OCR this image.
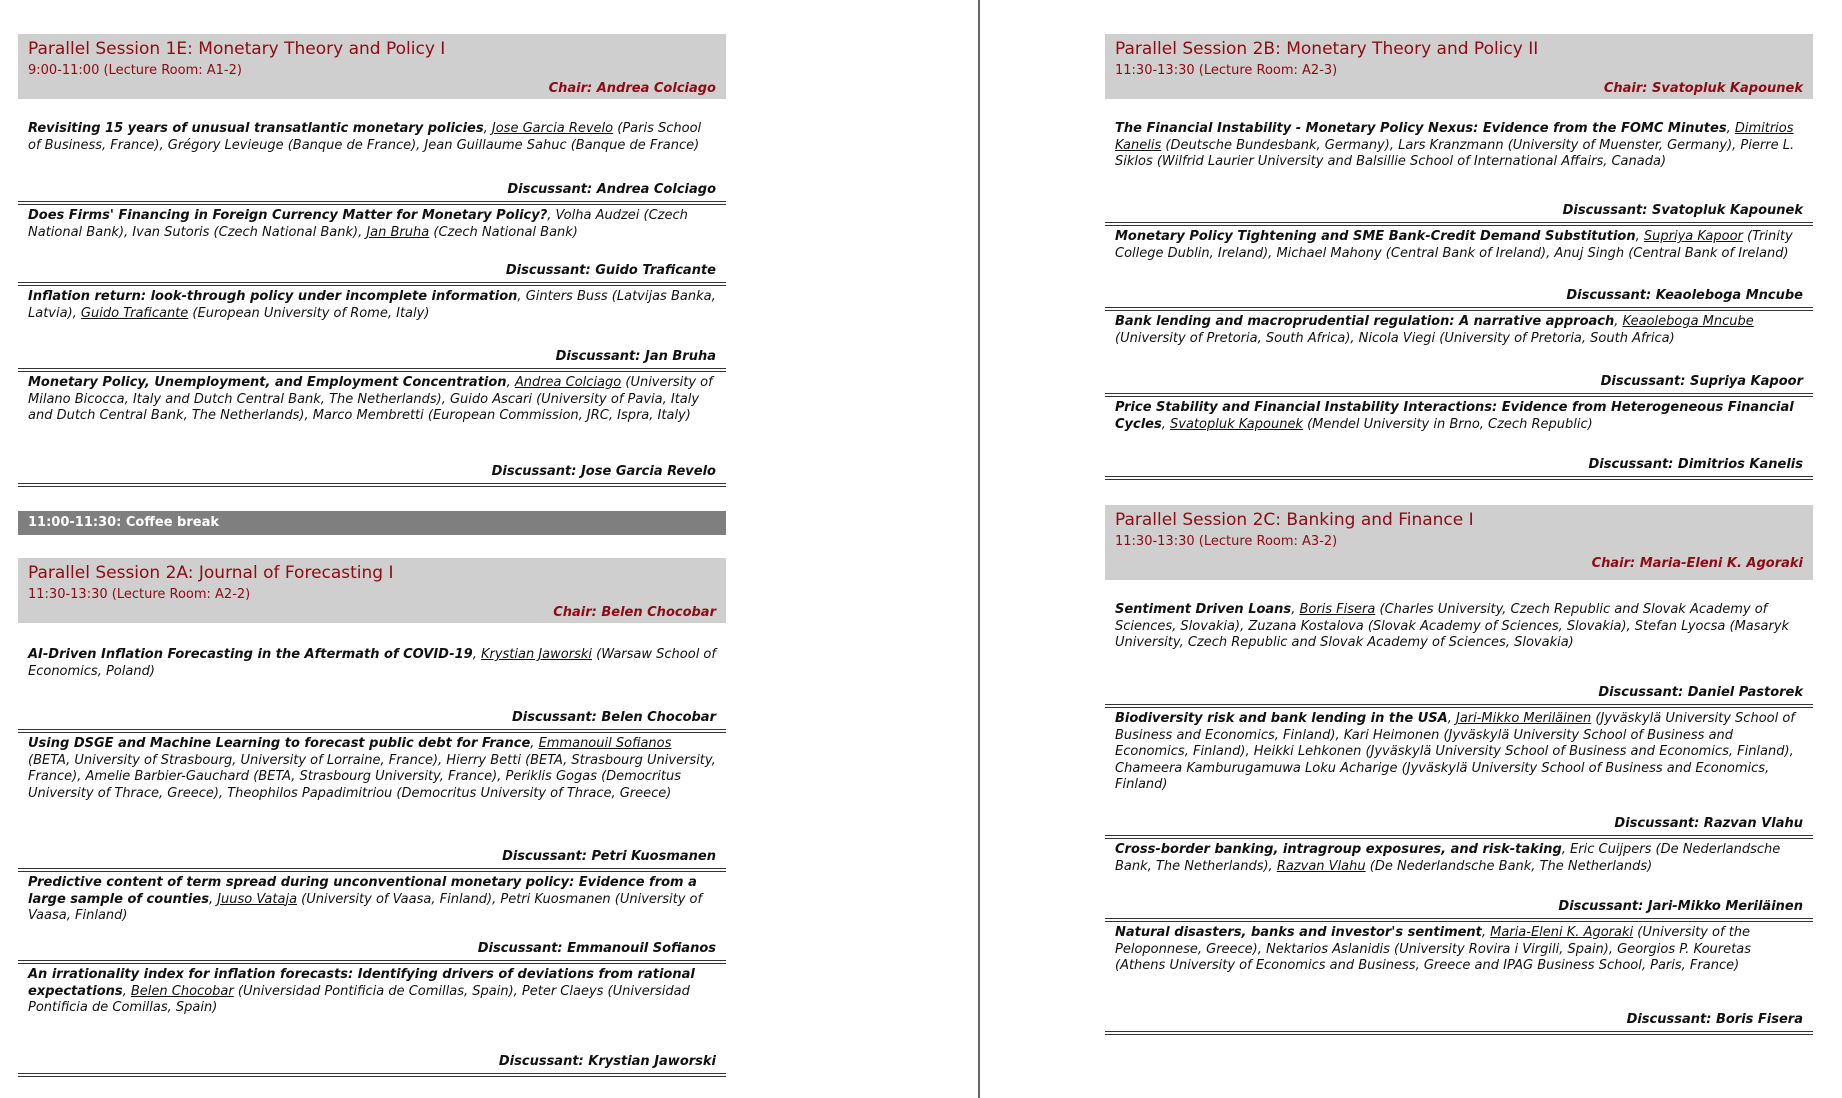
Parallel Session 1E: Monetary Theory and Policy I
9:00-11:00 (Lecture Room: A1-2)
Chair: Andrea Colciago
Revisiting 15 years of unusual transatlantic monetary policies, Jose Garcia Revelo (Paris School of Business, France), Grégory Levieuge (Banque de France), Jean Guillaume Sahuc (Banque de France)
Discussant: Andrea Colciago
Does Firms' Financing in Foreign Currency Matter for Monetary Policy?, Volha Audzei (Czech National Bank), Ivan Sutoris (Czech National Bank), Jan Bruha (Czech National Bank)
Discussant: Guido Traficante
Inflation return: look-through policy under incomplete information, Ginters Buss (Latvijas Banka, Latvia), Guido Traficante (European University of Rome, Italy)
Discussant: Jan Bruha
Monetary Policy, Unemployment, and Employment Concentration, Andrea Colciago (University of Milano Bicocca, Italy and Dutch Central Bank, The Netherlands), Guido Ascari (University of Pavia, Italy and Dutch Central Bank, The Netherlands), Marco Membretti (European Commission, JRC, Ispra, Italy)
Discussant: Jose Garcia Revelo
11:00-11:30: Coffee break
Parallel Session 2A: Journal of Forecasting I
11:30-13:30 (Lecture Room: A2-2)
Chair: Belen Chocobar
AI-Driven Inflation Forecasting in the Aftermath of COVID-19, Krystian Jaworski (Warsaw School of Economics, Poland)
Discussant: Belen Chocobar
Using DSGE and Machine Learning to forecast public debt for France, Emmanouil Sofianos (BETA, University of Strasbourg, University of Lorraine, France), Hierry Betti (BETA, Strasbourg University, France), Amelie Barbier-Gauchard (BETA, Strasbourg University, France), Periklis Gogas (Democritus University of Thrace, Greece), Theophilos Papadimitriou (Democritus University of Thrace, Greece)
Discussant: Petri Kuosmanen
Predictive content of term spread during unconventional monetary policy: Evidence from a large sample of counties, Juuso Vataja (University of Vaasa, Finland), Petri Kuosmanen (University of Vaasa, Finland)
Discussant: Emmanouil Sofianos
An irrationality index for inflation forecasts: Identifying drivers of deviations from rational expectations, Belen Chocobar (Universidad Pontificia de Comillas, Spain), Peter Claeys (Universidad Pontificia de Comillas, Spain)
Discussant: Krystian Jaworski
Parallel Session 2B: Monetary Theory and Policy II
11:30-13:30 (Lecture Room: A2-3)
Chair: Svatopluk Kapounek
The Financial Instability - Monetary Policy Nexus: Evidence from the FOMC Minutes, Dimitrios Kanelis (Deutsche Bundesbank, Germany), Lars Kranzmann (University of Muenster, Germany), Pierre L. Siklos (Wilfrid Laurier University and Balsillie School of International Affairs, Canada)
Discussant: Svatopluk Kapounek
Monetary Policy Tightening and SME Bank-Credit Demand Substitution, Supriya Kapoor (Trinity College Dublin, Ireland), Michael Mahony (Central Bank of Ireland), Anuj Singh (Central Bank of Ireland)
Discussant: Keaoleboga Mncube
Bank lending and macroprudential regulation: A narrative approach, Keaoleboga Mncube (University of Pretoria, South Africa), Nicola Viegi (University of Pretoria, South Africa)
Discussant: Supriya Kapoor
Price Stability and Financial Instability Interactions: Evidence from Heterogeneous Financial Cycles, Svatopluk Kapounek (Mendel University in Brno, Czech Republic)
Discussant: Dimitrios Kanelis
Parallel Session 2C: Banking and Finance I
11:30-13:30 (Lecture Room: A3-2)
Chair: Maria-Eleni K. Agoraki
Sentiment Driven Loans, Boris Fisera (Charles University, Czech Republic and Slovak Academy of Sciences, Slovakia), Zuzana Kostalova (Slovak Academy of Sciences, Slovakia), Stefan Lyocsa (Masaryk University, Czech Republic and Slovak Academy of Sciences, Slovakia)
Discussant: Daniel Pastorek
Biodiversity risk and bank lending in the USA, Jari-Mikko Meriläinen (Jyväskylä University School of Business and Economics, Finland), Kari Heimonen (Jyväskylä University School of Business and Economics, Finland), Heikki Lehkonen (Jyväskylä University School of Business and Economics, Finland), Chameera Kamburugamuwa Loku Acharige (Jyväskylä University School of Business and Economics, Finland)
Discussant: Razvan Vlahu
Cross-border banking, intragroup exposures, and risk-taking, Eric Cuijpers (De Nederlandsche Bank, The Netherlands), Razvan Vlahu (De Nederlandsche Bank, The Netherlands)
Discussant: Jari-Mikko Meriläinen
Natural disasters, banks and investor's sentiment, Maria-Eleni K. Agoraki (University of the Peloponnese, Greece), Nektarios Aslanidis (University Rovira i Virgili, Spain), Georgios P. Kouretas (Athens University of Economics and Business, Greece and IPAG Business School, Paris, France)
Discussant: Boris Fisera
